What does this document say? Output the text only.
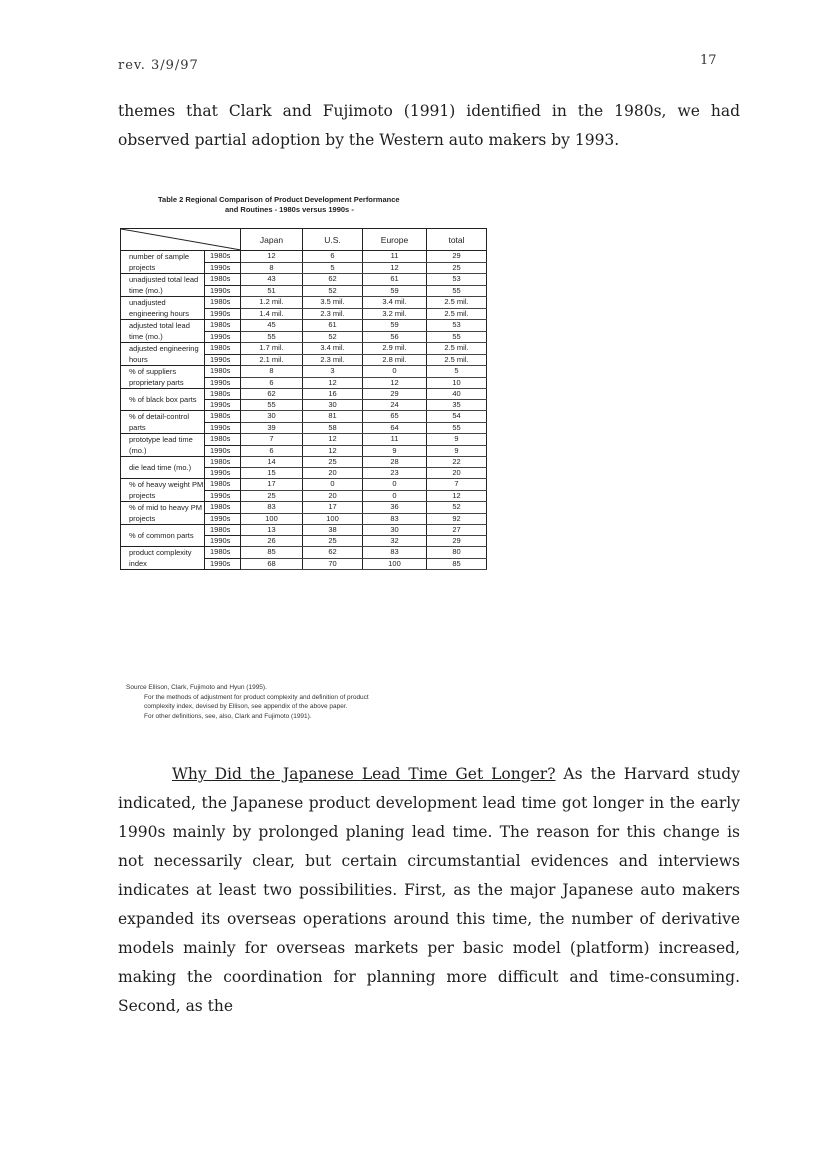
rev. 3/9/97	17
themes that Clark and Fujimoto (1991) identified in the 1980s, we had observed partial adoption by the Western auto makers by 1993.
Table 2 Regional Comparison of Product Development Performance
and Routines - 1980s versus 1990s -
	Japan	U.S.	Europe	total
number of sample projects	1980s	12	6	11	29
	1990s	8	5	12	25
unadjusted total lead time (mo.)	1980s	43	62	61	53
	1990s	51	52	59	55
unadjusted engineering hours	1980s	1.2 mil.	3.5 mil.	3.4 mil.	2.5 mil.
	1990s	1.4 mil.	2.3 mil.	3.2 mil.	2.5 mil.
adjusted total lead time (mo.)	1980s	45	61	59	53
	1990s	55	52	56	55
adjusted engineering hours	1980s	1.7 mil.	3.4 mil.	2.9 mil.	2.5 mil.
	1990s	2.1 mil.	2.3 mil.	2.8 mil.	2.5 mil.
% of suppliers proprietary parts	1980s	8	3	0	5
	1990s	6	12	12	10
% of black box parts	1980s	62	16	29	40
	1990s	55	30	24	35
% of detail-control parts	1980s	30	81	65	54
	1990s	39	58	64	55
prototype lead time (mo.)	1980s	7	12	11	9
	1990s	6	12	9	9
die lead time (mo.)	1980s	14	25	28	22
	1990s	15	20	23	20
% of heavy weight PM projects	1980s	17	0	0	7
	1990s	25	20	0	12
% of mid to heavy PM projects	1980s	83	17	36	52
	1990s	100	100	83	92
% of common parts	1980s	13	38	30	27
	1990s	26	25	32	29
product complexity index	1980s	85	62	83	80
	1990s	68	70	100	85
Source Ellison, Clark, Fujimoto and Hyun (1995).
For the methods of adjustment for product complexity and definition of product
complexity index, devised by Ellison, see appendix of the above paper.
For other definitions, see, also, Clark and Fujimoto (1991).
Why Did the Japanese Lead Time Get Longer? As the Harvard study indicated, the Japanese product development lead time got longer in the early 1990s mainly by prolonged planing lead time. The reason for this change is not necessarily clear, but certain circumstantial evidences and interviews indicates at least two possibilities. First, as the major Japanese auto makers expanded its overseas operations around this time, the number of derivative models mainly for overseas markets per basic model (platform) increased, making the coordination for planning more difficult and time-consuming. Second, as the
